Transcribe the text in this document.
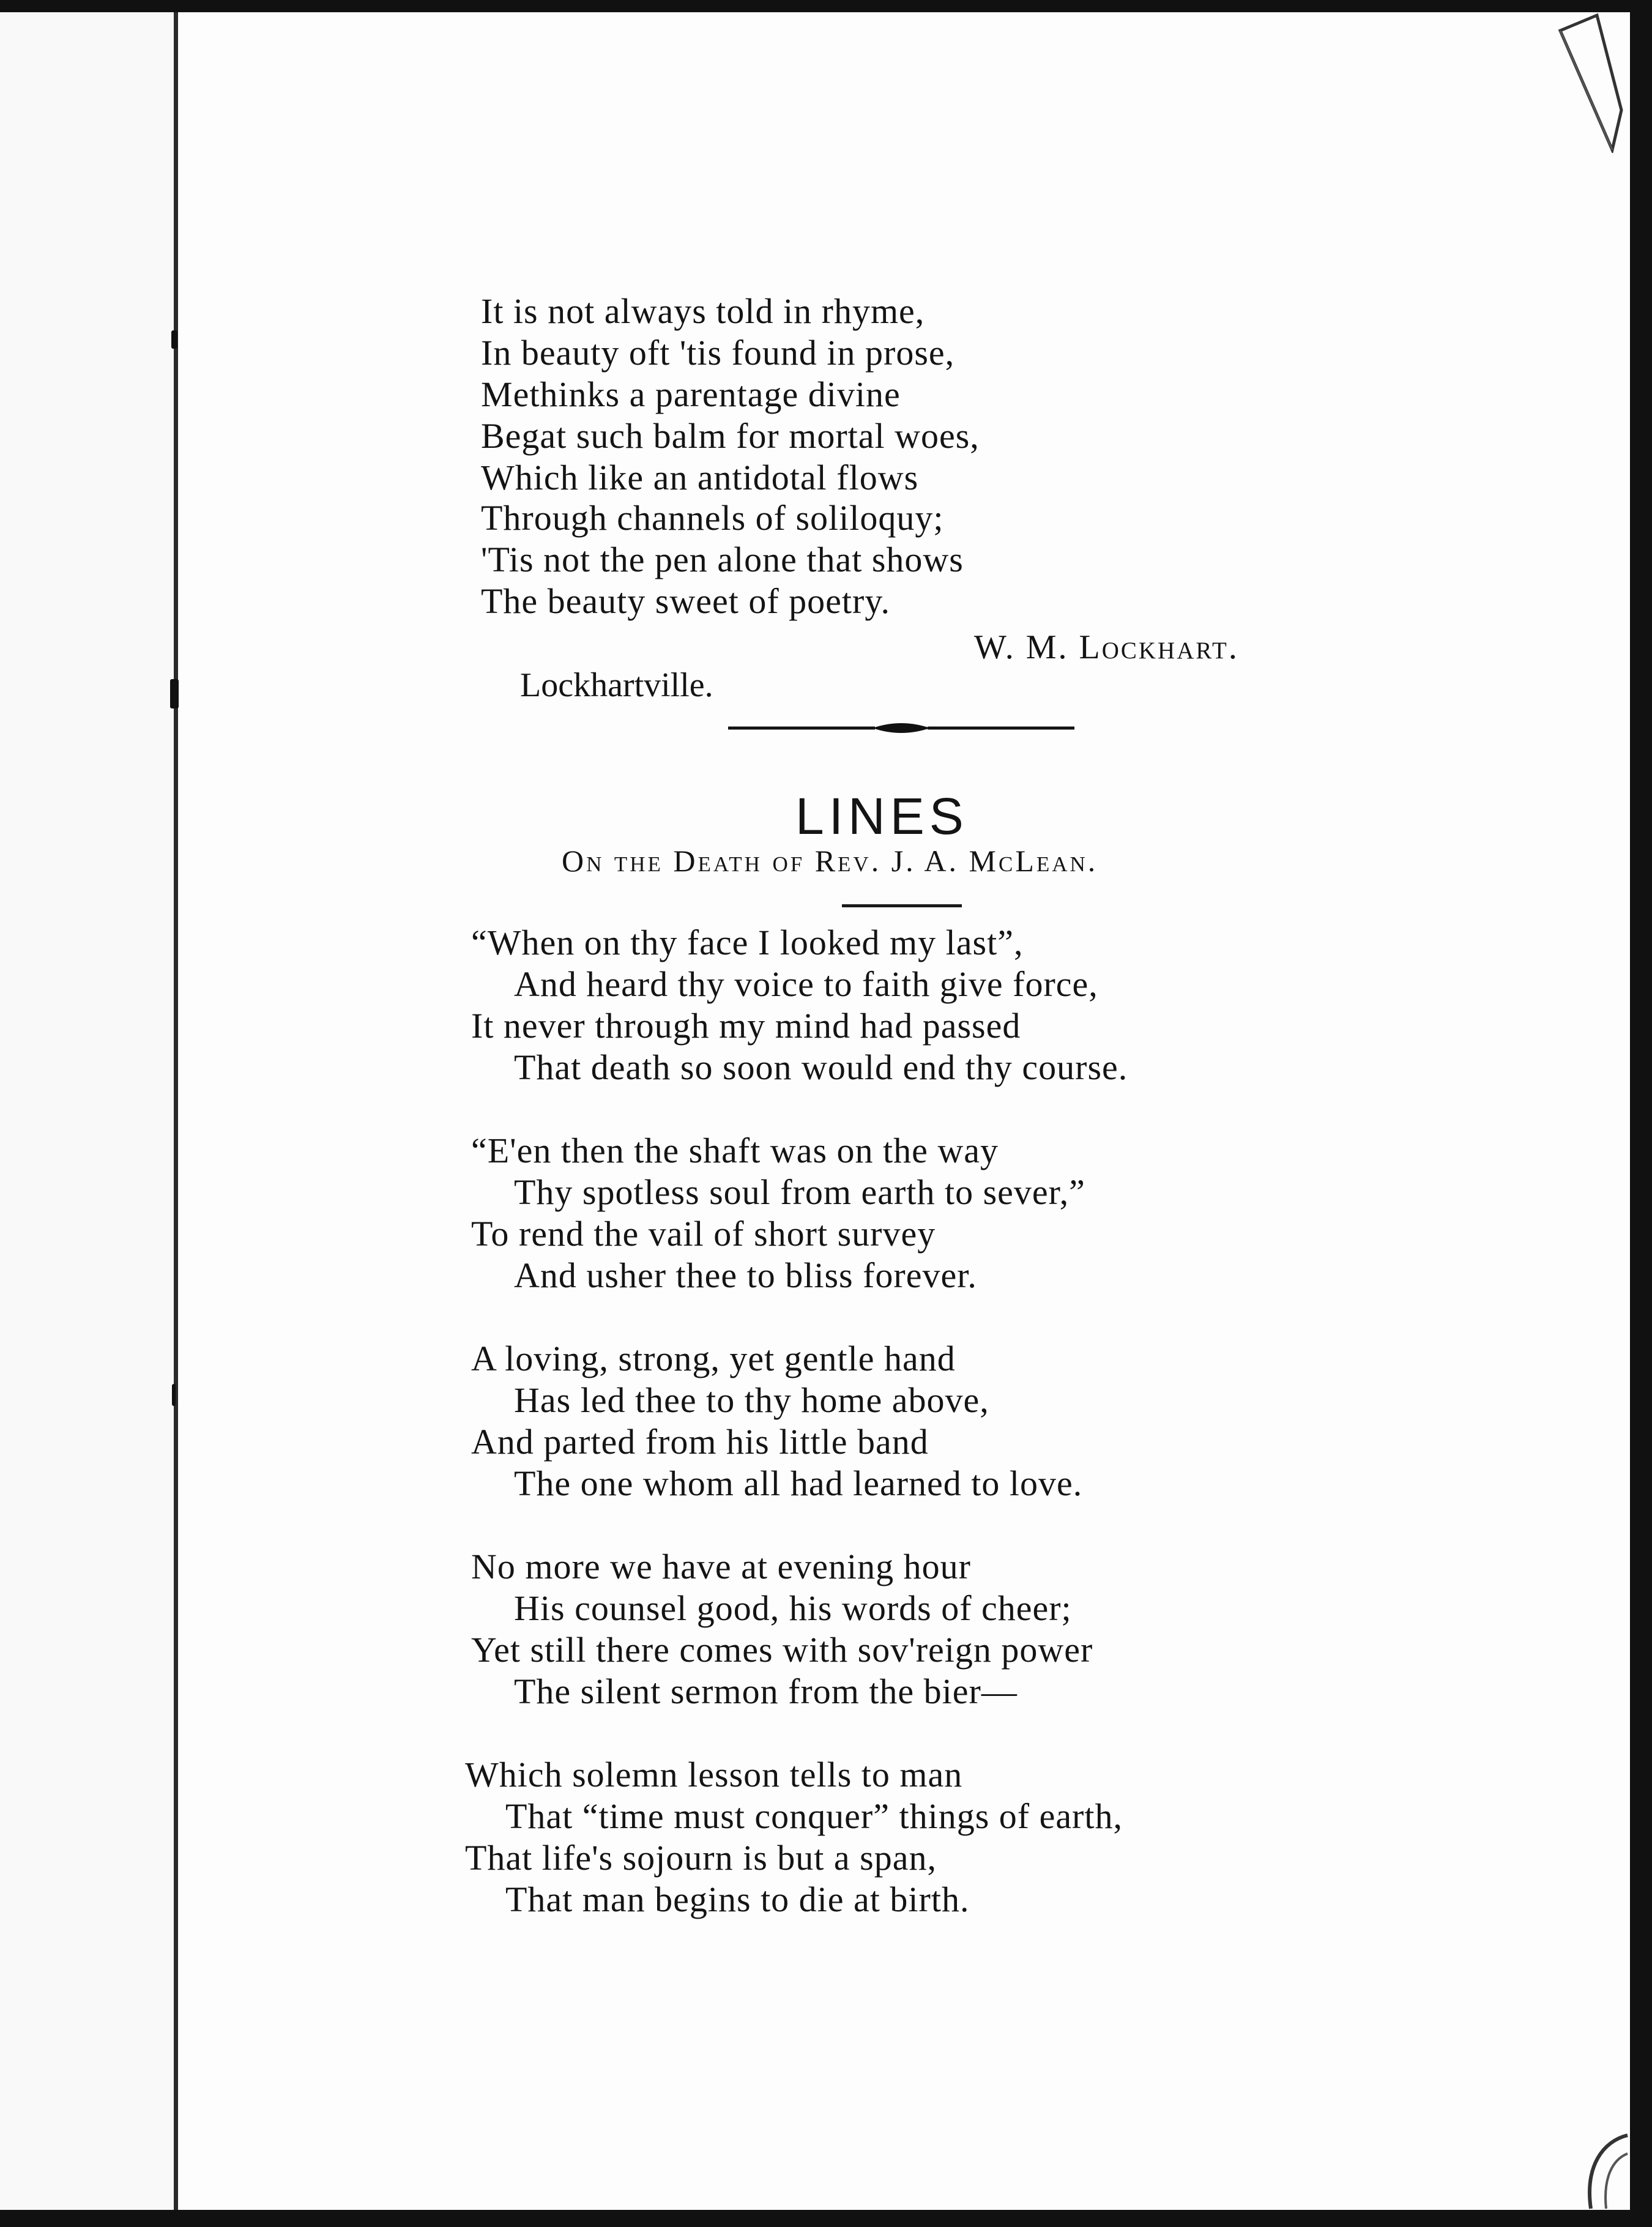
It is not always told in rhyme,
In beauty oft 'tis found in prose,
Methinks a parentage divine
Begat such balm for mortal woes,
Which like an antidotal flows
Through channels of soliloquy;
'Tis not the pen alone that shows
The beauty sweet of poetry.
W. M. Lockhart.
Lockhartville.
LINES
On the Death of Rev. J. A. McLean.
“When on thy face I looked my last”,
And heard thy voice to faith give force,
It never through my mind had passed
That death so soon would end thy course.
“E'en then the shaft was on the way
Thy spotless soul from earth to sever,”
To rend the vail of short survey
And usher thee to bliss forever.
A loving, strong, yet gentle hand
Has led thee to thy home above,
And parted from his little band
The one whom all had learned to love.
No more we have at evening hour
His counsel good, his words of cheer;
Yet still there comes with sov'reign power
The silent sermon from the bier—
Which solemn lesson tells to man
That “time must conquer” things of earth,
That life's sojourn is but a span,
That man begins to die at birth.
